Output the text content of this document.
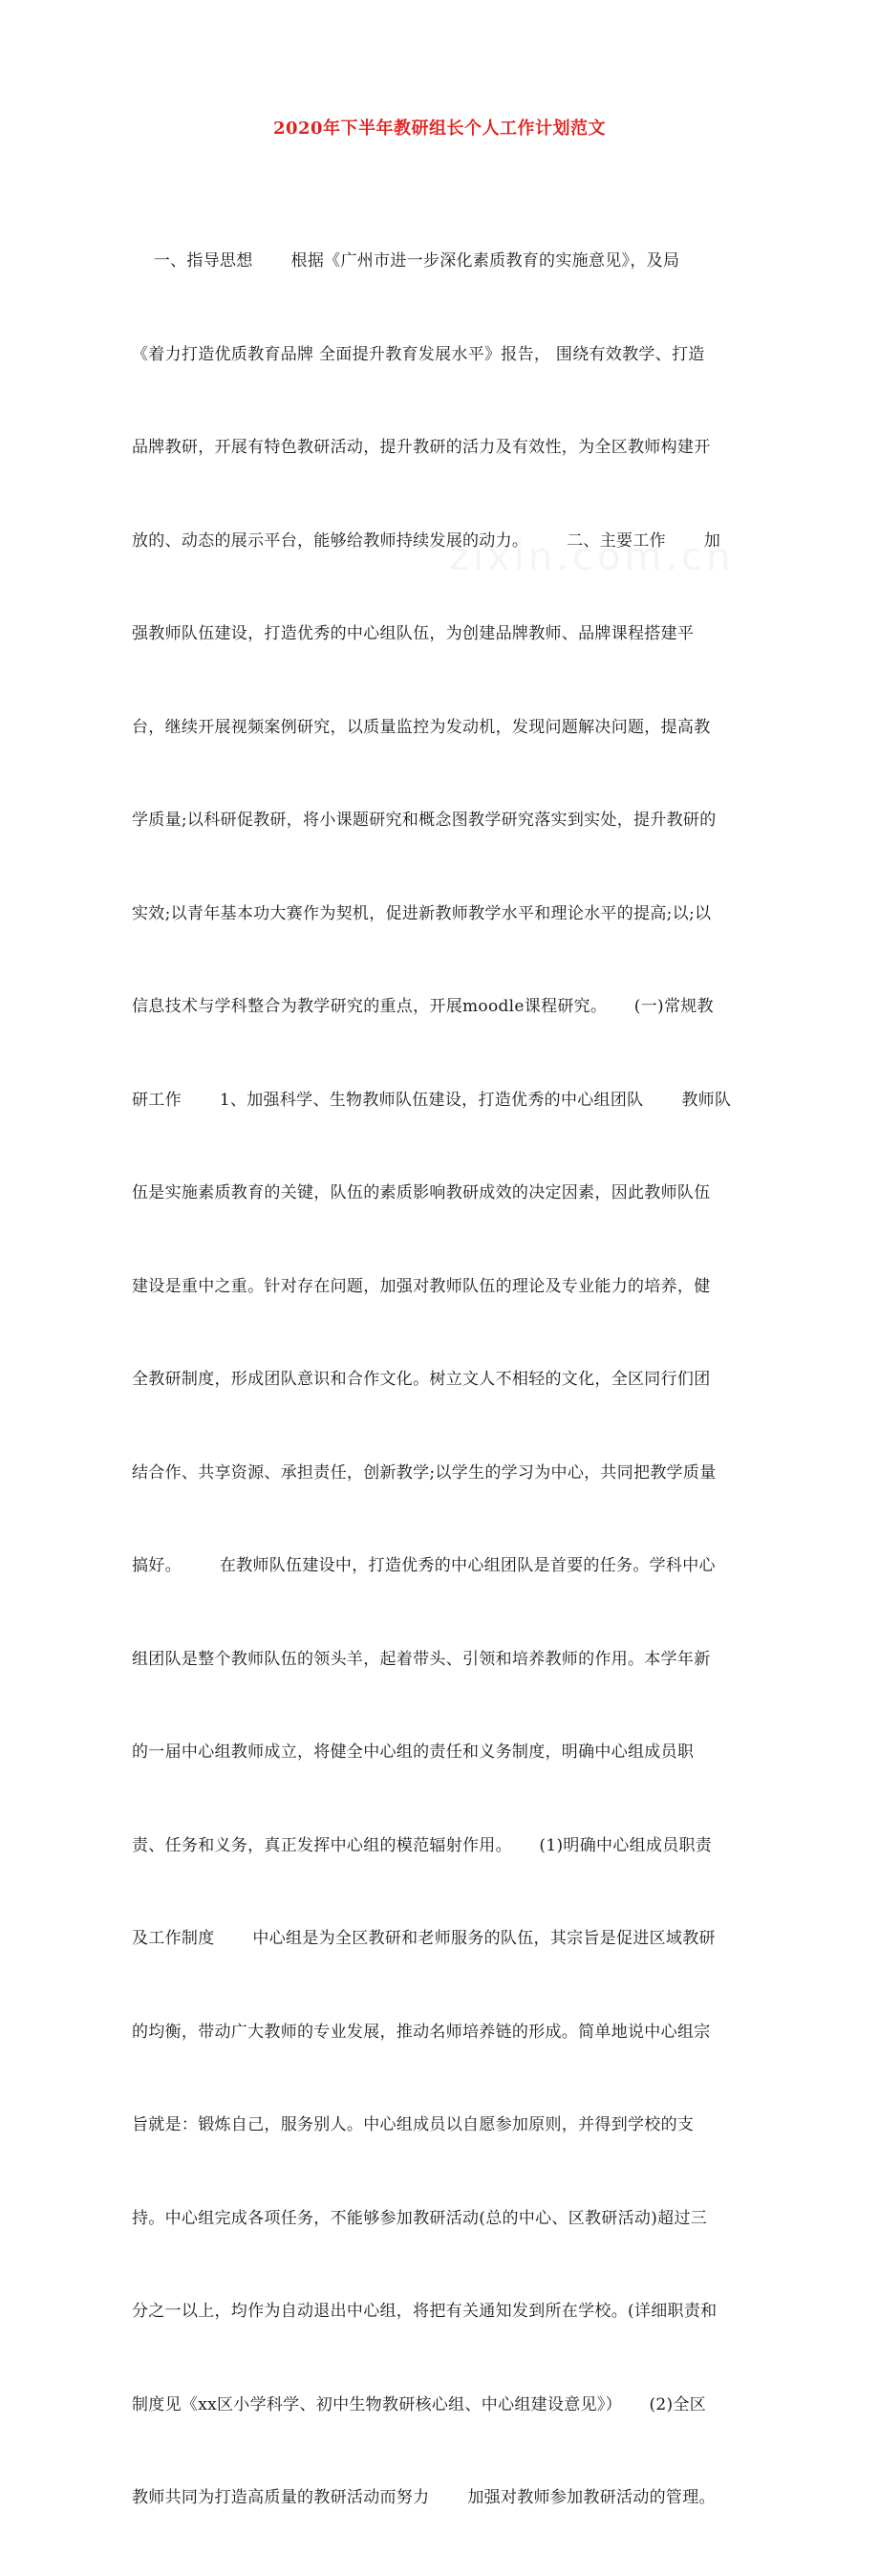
2020年下半年教研组长个人工作计划范文

一、指导思想       根据《广州市进一步深化素质教育的实施意见》，及局

《着力打造优质教育品牌 全面提升教育发展水平》报告， 围绕有效教学、打造

品牌教研，开展有特色教研活动，提升教研的活力及有效性，为全区教师构建开

放的、动态的展示平台，能够给教师持续发展的动力。       二、主要工作       加

强教师队伍建设，打造优秀的中心组队伍，为创建品牌教师、品牌课程搭建平

台，继续开展视频案例研究，以质量监控为发动机，发现问题解决问题，提高教

学质量;以科研促教研，将小课题研究和概念图教学研究落实到实处，提升教研的

实效;以青年基本功大赛作为契机，促进新教师教学水平和理论水平的提高;以;以

信息技术与学科整合为教学研究的重点，开展moodle课程研究。     (一)常规教

研工作       1、加强科学、生物教师队伍建设，打造优秀的中心组团队       教师队

伍是实施素质教育的关键，队伍的素质影响教研成效的决定因素，因此教师队伍

建设是重中之重。针对存在问题，加强对教师队伍的理论及专业能力的培养，健

全教研制度，形成团队意识和合作文化。树立文人不相轻的文化，全区同行们团

结合作、共享资源、承担责任，创新教学;以学生的学习为中心，共同把教学质量

搞好。       在教师队伍建设中，打造优秀的中心组团队是首要的任务。学科中心

组团队是整个教师队伍的领头羊，起着带头、引领和培养教师的作用。本学年新

的一届中心组教师成立，将健全中心组的责任和义务制度，明确中心组成员职

责、任务和义务，真正发挥中心组的模范辐射作用。     (1)明确中心组成员职责

及工作制度       中心组是为全区教研和老师服务的队伍，其宗旨是促进区域教研

的均衡，带动广大教师的专业发展，推动名师培养链的形成。简单地说中心组宗

旨就是：锻炼自己，服务别人。中心组成员以自愿参加原则，并得到学校的支

持。中心组完成各项任务，不能够参加教研活动(总的中心、区教研活动)超过三

分之一以上，均作为自动退出中心组，将把有关通知发到所在学校。(详细职责和

制度见《xx区小学科学、初中生物教研核心组、中心组建设意见》）     (2)全区

教师共同为打造高质量的教研活动而努力       加强对教师参加教研活动的管理。
